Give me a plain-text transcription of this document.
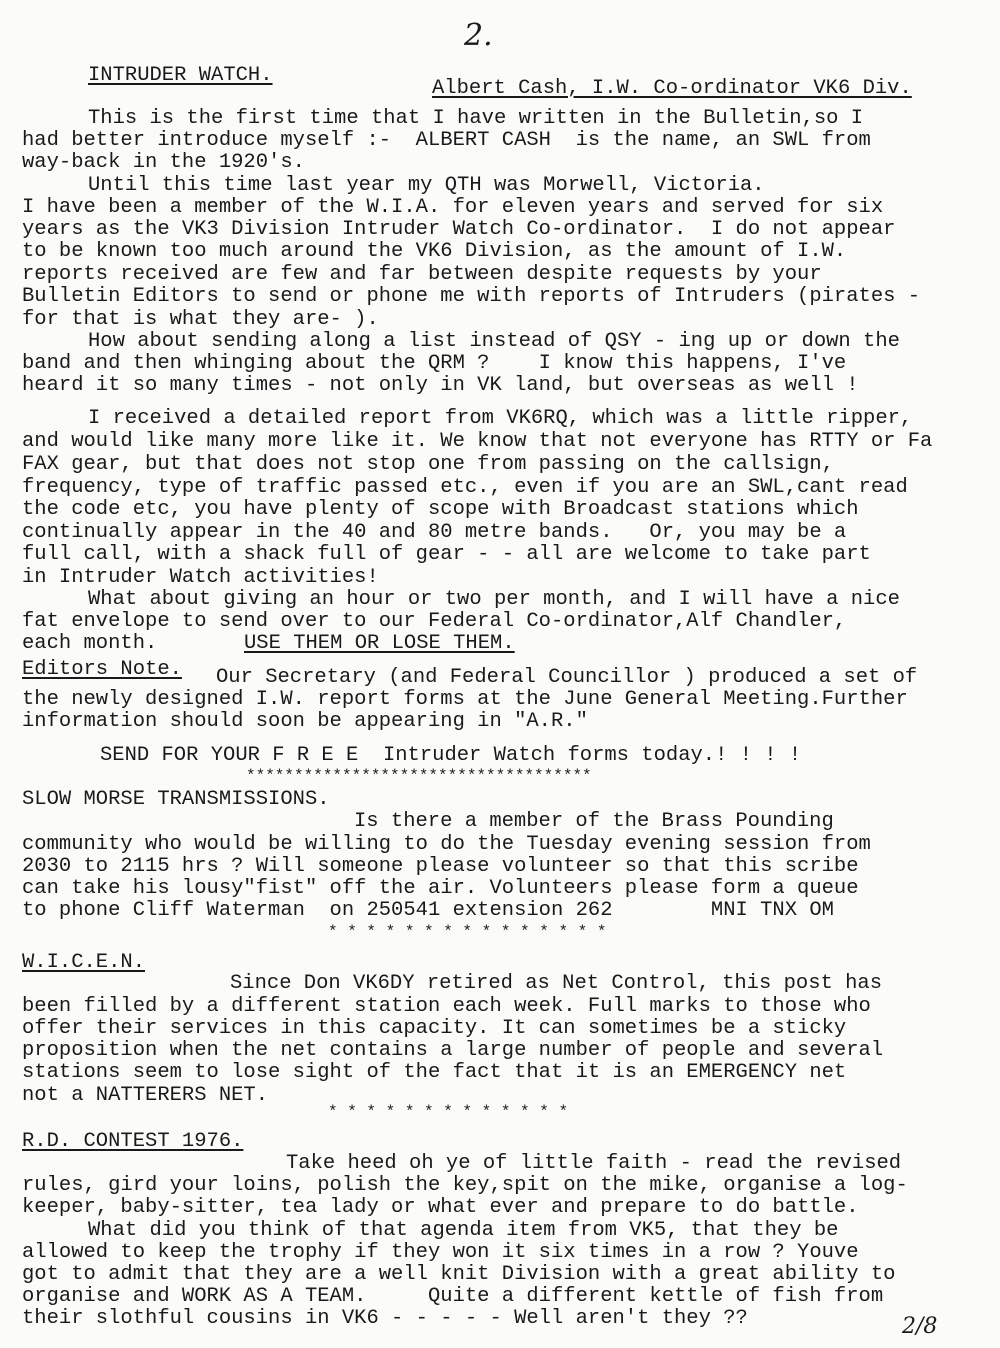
2.
INTRUDER WATCH.
Albert Cash, I.W. Co-ordinator VK6 Div.
This is the first time that I have written in the Bulletin,so I
had better introduce myself :-  ALBERT CASH  is the name, an SWL from
way-back in the 1920's.
Until this time last year my QTH was Morwell, Victoria.
I have been a member of the W.I.A. for eleven years and served for six
years as the VK3 Division Intruder Watch Co-ordinator.  I do not appear
to be known too much around the VK6 Division, as the amount of I.W.
reports received are few and far between despite requests by your
Bulletin Editors to send or phone me with reports of Intruders (pirates -
for that is what they are- ).
How about sending along a list instead of QSY - ing up or down the
band and then whinging about the QRM ?    I know this happens, I've
heard it so many times - not only in VK land, but overseas as well !
I received a detailed report from VK6RQ, which was a little ripper,
and would like many more like it. We know that not everyone has RTTY or Fa
FAX gear, but that does not stop one from passing on the callsign,
frequency, type of traffic passed etc., even if you are an SWL,cant read
the code etc, you have plenty of scope with Broadcast stations which
continually appear in the 40 and 80 metre bands.   Or, you may be a
full call, with a shack full of gear - - all are welcome to take part
in Intruder Watch activities!
What about giving an hour or two per month, and I will have a nice
fat envelope to send over to our Federal Co-ordinator,Alf Chandler,
each month.	USE THEM OR LOSE THEM.
Editors Note. Our Secretary (and Federal Councillor ) produced a set of
the newly designed I.W. report forms at the June General Meeting.Further
information should soon be appearing in "A.R."
SEND FOR YOUR F R E E  Intruder Watch forms today.! ! ! !
************************************
SLOW MORSE TRANSMISSIONS.
Is there a member of the Brass Pounding
community who would be willing to do the Tuesday evening session from
2030 to 2115 hrs ? Will someone please volunteer so that this scribe
can take his lousy"fist" off the air. Volunteers please form a queue
to phone Cliff Waterman  on 250541 extension 262        MNI TNX OM
* * * * * * * * * * * * * * *
W.I.C.E.N.
Since Don VK6DY retired as Net Control, this post has
been filled by a different station each week. Full marks to those who
offer their services in this capacity. It can sometimes be a sticky
proposition when the net contains a large number of people and several
stations seem to lose sight of the fact that it is an EMERGENCY net
not a NATTERERS NET.
* * * * * * * * * * * * *
R.D. CONTEST 1976.
Take heed oh ye of little faith - read the revised
rules, gird your loins, polish the key,spit on the mike, organise a log-
keeper, baby-sitter, tea lady or what ever and prepare to do battle.
What did you think of that agenda item from VK5, that they be
allowed to keep the trophy if they won it six times in a row ? Youve
got to admit that they are a well knit Division with a great ability to
organise and WORK AS A TEAM.     Quite a different kettle of fish from
their slothful cousins in VK6 - - - - - Well aren't they ??	2/8
